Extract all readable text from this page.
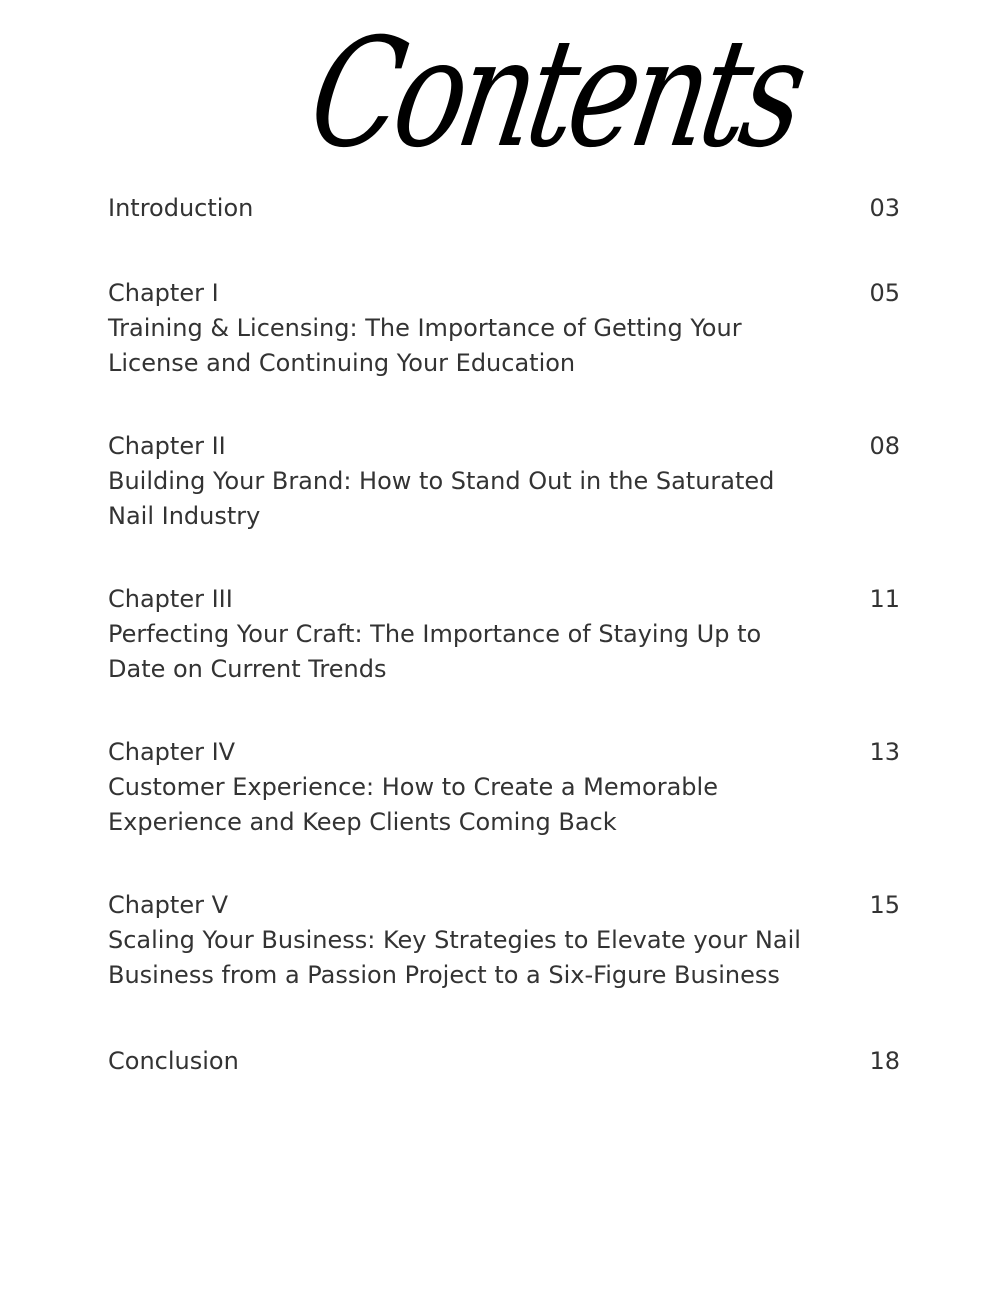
Contents
Introduction	03
Chapter I
Training & Licensing: The Importance of Getting Your
License and Continuing Your Education
05
Chapter II
Building Your Brand: How to Stand Out in the Saturated
Nail Industry
08
Chapter III
Perfecting Your Craft: The Importance of Staying Up to
Date on Current Trends
11
Chapter IV
Customer Experience: How to Create a Memorable
Experience and Keep Clients Coming Back
13
Chapter V
Scaling Your Business: Key Strategies to Elevate your Nail
Business from a Passion Project to a Six-Figure Business
15
Conclusion	18
